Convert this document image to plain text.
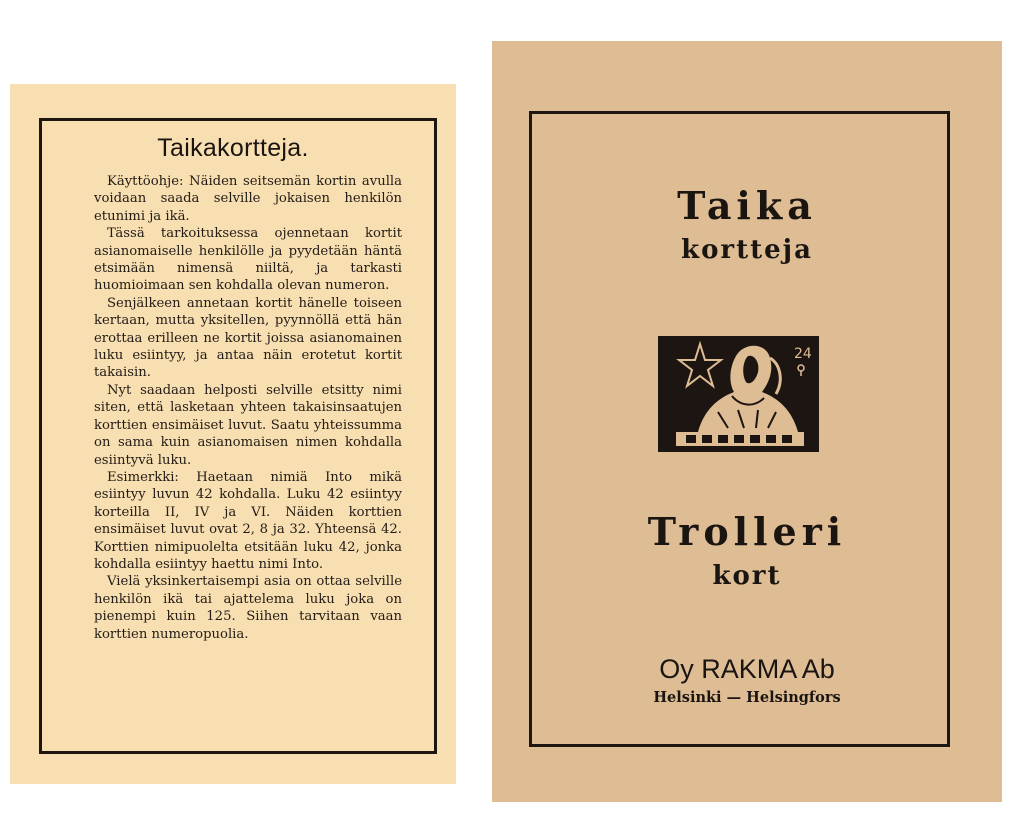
Taikakortteja.

Käyttöohje: Näiden seitsemän kortin avulla voidaan saada selville jokaisen henkilön etunimi ja ikä.

Tässä tarkoituksessa ojennetaan kortit asianomaiselle henkilölle ja pyydetään häntä etsimään nimensä niiltä, ja tarkasti huomioimaan sen kohdalla olevan numeron.

Senjälkeen annetaan kortit hänelle toiseen kertaan, mutta yksitellen, pyynnöllä että hän erottaa erilleen ne kortit joissa asianomainen luku esiintyy, ja antaa näin erotetut kortit takaisin.

Nyt saadaan helposti selville etsitty nimi siten, että lasketaan yhteen takaisinsaatujen korttien ensimäiset luvut. Saatu yhteissumma on sama kuin asianomaisen nimen kohdalla esiintyvä luku.

Esimerkki: Haetaan nimiä Into mikä esiintyy luvun 42 kohdalla. Luku 42 esiintyy korteilla II, IV ja VI. Näiden korttien ensimäiset luvut ovat 2, 8 ja 32. Yhteensä 42. Korttien nimipuolelta etsitään luku 42, jonka kohdalla esiintyy haettu nimi Into.

Vielä yksinkertaisempi asia on ottaa selville henkilön ikä tai ajattelema luku joka on pienempi kuin 125. Siihen tarvitaan vaan korttien numeropuolia.

Taika
kortteja
24
Trolleri
kort
Oy RAKMA Ab
Helsinki — Helsingfors
